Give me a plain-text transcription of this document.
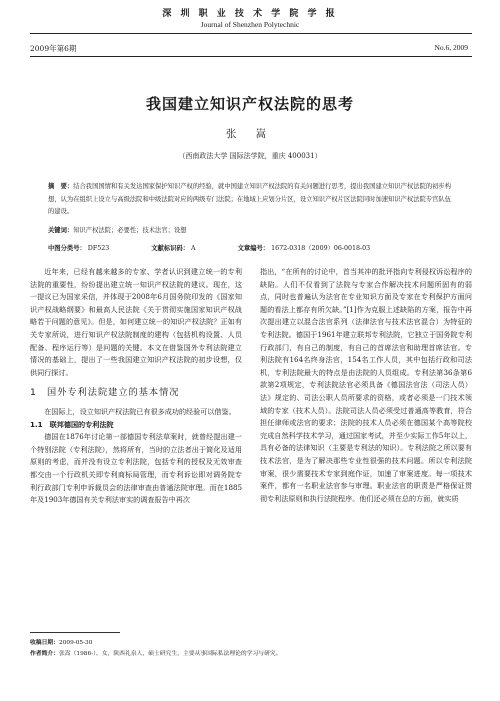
深 圳 职 业 技 术 学 院 学 报
Journal of Shenzhen Polytechnic
2009年第6期	No.6, 2009
我国建立知识产权法院的思考
张 嵩
（西南政法大学 国际法学院，重庆 400031）
摘　要：结合我国国情和有关发达国家保护知识产权的经验，就中国建立知识产权法院的有关问题进行思考，提出我国建立知识产权法院的初步构想，认为在组织上设立与高级法院和中级法院对应的两级专门法院；在地域上应划分片区，设立知识产权片区法院同时加速知识产权法院专官队伍的建设。
关键词：知识产权法院；必要性；技术法官；设想
中图分类号： DF523	文献标识码： A	文章编号： 1672-0318（2009）06-0018-03

近年来，已经有越来越多的专家、学者认识到建立统一的专利法院的重要性，纷纷提出建立统一知识产权法院的建议。现在，这一提议已为国家采信，并体现于2008年6月国务院印发的《国家知识产权战略纲要》和最高人民法院《关于贯彻实施国家知识产权战略若干问题的意见》。但是，如何建立统一的知识产权法院？正如有关专家所说，进行知识产权法院制度的建构（包括机构设置、人员配备、程序运行等）是问题的关键。本文在借鉴国外专利法院建立情况的基础上，提出了一些我国建立知识产权法院的初步设想，仅供同行探讨。

1　国外专利法院建立的基本情况

在国际上，设立知识产权法院已有很多成功的经验可以借鉴。

1.1　联邦德国的专利法院

德国在1876年讨论第一部德国专利法草案时，就曾经提出建一个特别法院（专利法院），然将所有，当时的立法者出于简化及适用原则的考虑，而并没有设立专利法院，包括专利的授权及无效审查都交由一个行政机关即专利商标局管理，而专利诉讼即对调务院专利行政部门专利申诉裁员会的法律审查由普通法院审理。而在1885年及1903年德国有关专利法审实的调查报告中再次

指出，“在所有的讨论中，首当其冲的批评指向专利侵权诉讼程序的缺陷。人们不仅看到了法院与专家合作解决技术问题所固有的弱点，同时也普遍认为法官在专业知识方面及专家在专利保护方面问题的看法上都存有所欠缺。”[1]作为克服上述缺陷的方案，报告中再次提出建立以混合法官系列（法律法官与技术法官混合）为特征的专利法院。德国于1961年建立联邦专利法院，它独立于国务院专利行政部门，有自己的制度，有自己的首席法官和助理首席法官。专利法院有164名终身法官，154名工作人员，其中包括行政和司法机，专利法院最大的特点是由法院的人员组成。专利法第36条第6款第2项规定，专利法院法官必须具备《德国法官法（司法人员）法》规定的、司法公职人员所要求的资格，或者必须是一门技术领域的专家（技术人员）。法院司法人员必须受过普通高等教育，符合担任律师或法官的要求；法院的技术人员必须在德国某个高等院校完成自然科学技术学习，通过国家考试，并至少实际工作5年以上，具有必备的法律知识（主要是专利法的知识）。专利法院之所以要有技术法官，是为了解决那些专业性很强的技术问题。所以专利法院审案，很少需要技术专家到庭作证，加速了审案进度。每一项技术案件，都有一名职业法官参与审理。职业法官的职责是严格保证贯彻专利法原则和执行法院程序。他们还必须在总的方面，就实质

收稿日期：2009-05-30
作者简介：张嵩（1986-），女，陕西礼泉人，硕士研究生，主要从事国际私法理论的学习与研究。
